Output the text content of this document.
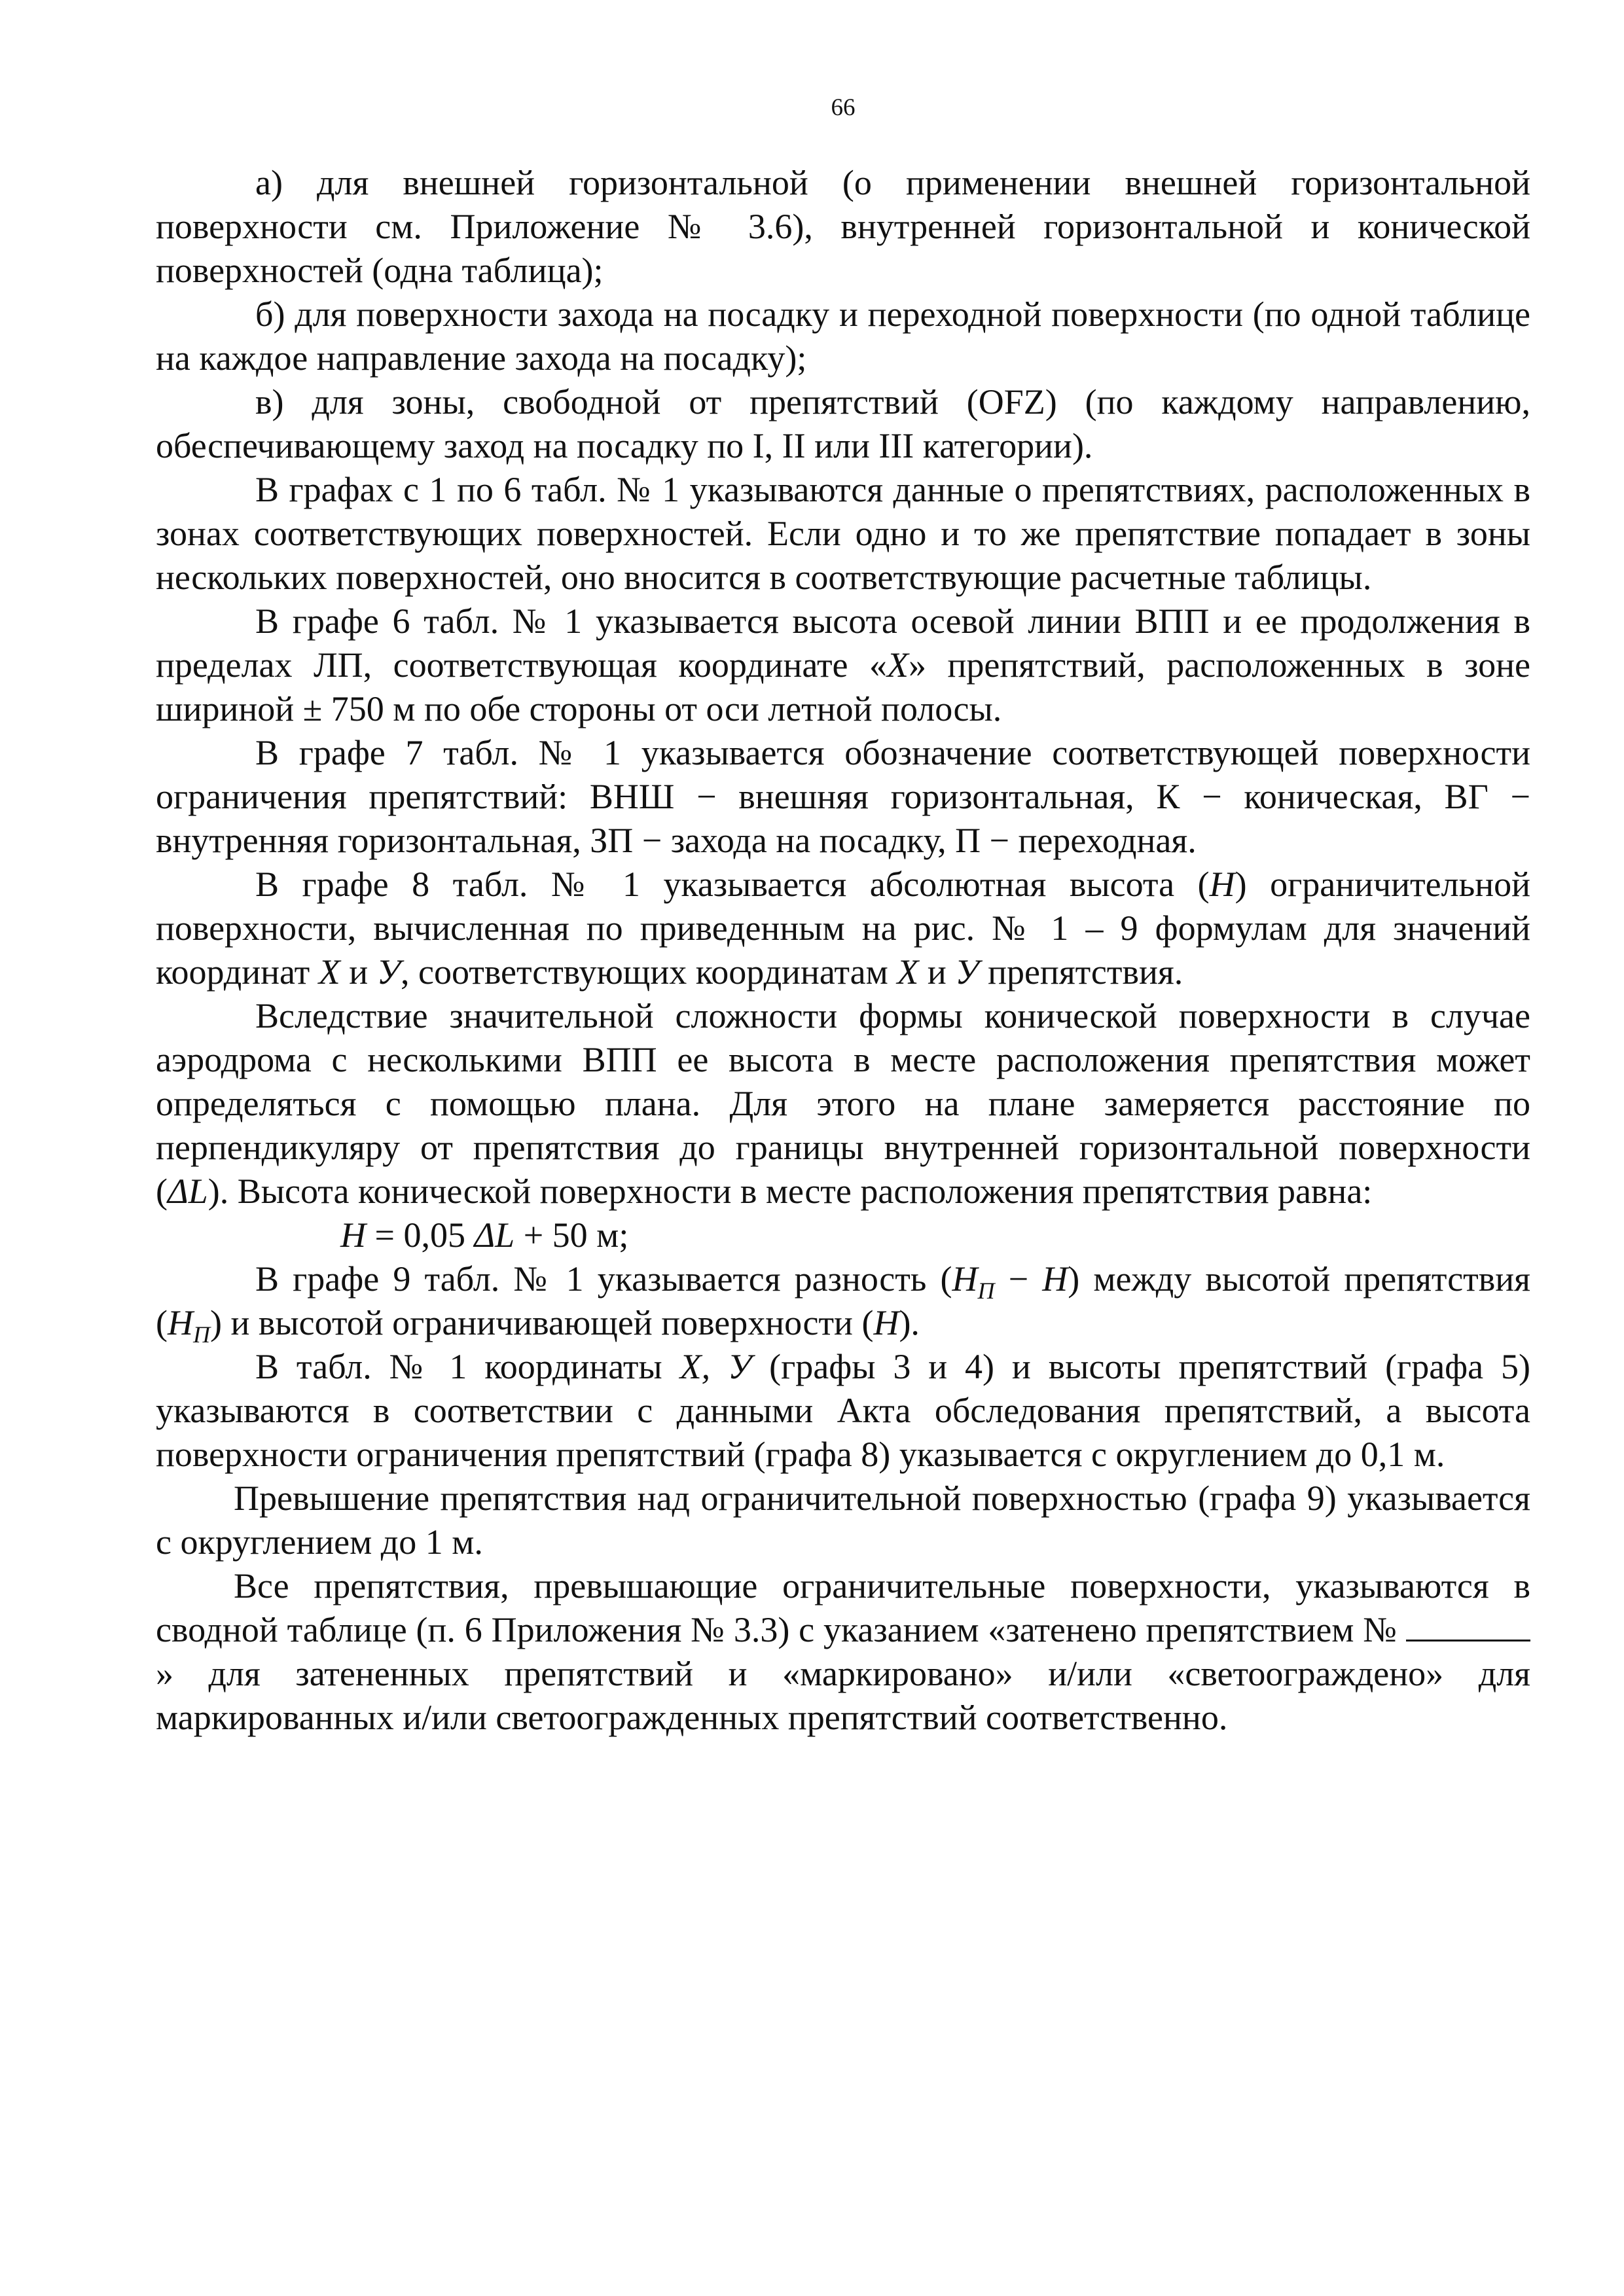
66

а) для внешней горизонтальной (о применении внешней горизонтальной поверхности см. Приложение № 3.6), внутренней горизонтальной и конической поверхностей (одна таблица);

б) для поверхности захода на посадку и переходной поверхности (по одной таблице на каждое направление захода на посадку);

в) для зоны, свободной от препятствий (OFZ) (по каждому направлению, обеспечивающему заход на посадку по I, II или III категории).

В графах с 1 по 6 табл. № 1 указываются данные о препятствиях, расположенных в зонах соответствующих поверхностей. Если одно и то же препятствие попадает в зоны нескольких поверхностей, оно вносится в соответствующие расчетные таблицы.

В графе 6 табл. № 1 указывается высота осевой линии ВПП и ее продолжения в пределах ЛП, соответствующая координате «X» препятствий, расположенных в зоне шириной ± 750 м по обе стороны от оси летной полосы.

В графе 7 табл. № 1 указывается обозначение соответствующей поверхности ограничения препятствий: ВНШ − внешняя горизонтальная, К − коническая, ВГ − внутренняя горизонтальная, ЗП − захода на посадку, П − переходная.

В графе 8 табл. № 1 указывается абсолютная высота (H) ограничительной поверхности, вычисленная по приведенным на рис. № 1 – 9 формулам для значений координат X и У, соответствующих координатам X и У препятствия.

Вследствие значительной сложности формы конической поверхности в случае аэродрома с несколькими ВПП ее высота в месте расположения препятствия может определяться с помощью плана. Для этого на плане замеряется расстояние по перпендикуляру от препятствия до границы внутренней горизонтальной поверхности (ΔL). Высота конической поверхности в месте расположения препятствия равна:

H = 0,05 ΔL + 50 м;

В графе 9 табл. № 1 указывается разность $(H_П - H)$ между высотой препятствия $(H_П)$ и высотой ограничивающей поверхности (H).

В табл. № 1 координаты X, У (графы 3 и 4) и высоты препятствий (графа 5) указываются в соответствии с данными Акта обследования препятствий, а высота поверхности ограничения препятствий (графа 8) указывается с округлением до 0,1 м.

Превышение препятствия над ограничительной поверхностью (графа 9) указывается с округлением до 1 м.

Все препятствия, превышающие ограничительные поверхности, указываются в сводной таблице (п. 6 Приложения № 3.3) с указанием «затенено препятствием № » для затененных препятствий и «маркировано» и/или «светоограждено» для маркированных и/или светоогражденных препятствий соответственно.
